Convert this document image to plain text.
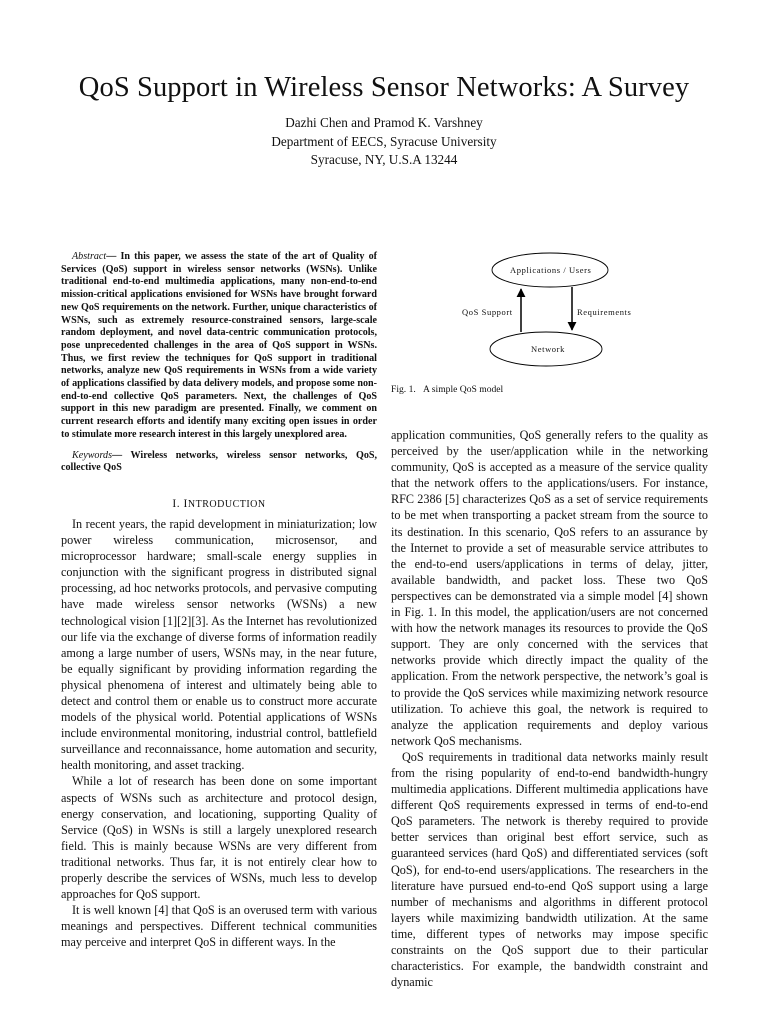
QoS Support in Wireless Sensor Networks: A Survey
Dazhi Chen and Pramod K. Varshney
Department of EECS, Syracuse University
Syracuse, NY, U.S.A 13244
Abstract— In this paper, we assess the state of the art of Quality of Services (QoS) support in wireless sensor networks (WSNs). Unlike traditional end-to-end multimedia applications, many non-end-to-end mission-critical applications envisioned for WSNs have brought forward new QoS requirements on the network. Further, unique characteristics of WSNs, such as extremely resource-constrained sensors, large-scale random deployment, and novel data-centric communication protocols, pose unprecedented challenges in the area of QoS support in WSNs. Thus, we first review the techniques for QoS support in traditional networks, analyze new QoS requirements in WSNs from a wide variety of applications classified by data delivery models, and propose some non-end-to-end collective QoS parameters. Next, the challenges of QoS support in this new paradigm are presented. Finally, we comment on current research efforts and identify many exciting open issues in order to stimulate more research interest in this largely unexplored area.
Keywords— Wireless networks, wireless sensor networks, QoS, collective QoS
I. INTRODUCTION

In recent years, the rapid development in miniaturization; low power wireless communication, microsensor, and microprocessor hardware; small-scale energy supplies in conjunction with the significant progress in distributed signal processing, ad hoc networks protocols, and pervasive computing have made wireless sensor networks (WSNs) a new technological vision [1][2][3]. As the Internet has revolutionized our life via the exchange of diverse forms of information readily among a large number of users, WSNs may, in the near future, be equally significant by providing information regarding the physical phenomena of interest and ultimately being able to detect and control them or enable us to construct more accurate models of the physical world. Potential applications of WSNs include environmental monitoring, industrial control, battlefield surveillance and reconnaissance, home automation and security, health monitoring, and asset tracking.

While a lot of research has been done on some important aspects of WSNs such as architecture and protocol design, energy conservation, and locationing, supporting Quality of Service (QoS) in WSNs is still a largely unexplored research field. This is mainly because WSNs are very different from traditional networks. Thus far, it is not entirely clear how to properly describe the services of WSNs, much less to develop approaches for QoS support.

It is well known [4] that QoS is an overused term with various meanings and perspectives. Different technical communities may perceive and interpret QoS in different ways. In the

Applications / Users
Network
QoS Support	Requirements
Fig. 1. A simple QoS model

application communities, QoS generally refers to the quality as perceived by the user/application while in the networking community, QoS is accepted as a measure of the service quality that the network offers to the applications/users. For instance, RFC 2386 [5] characterizes QoS as a set of service requirements to be met when transporting a packet stream from the source to its destination. In this scenario, QoS refers to an assurance by the Internet to provide a set of measurable service attributes to the end-to-end users/applications in terms of delay, jitter, available bandwidth, and packet loss. These two QoS perspectives can be demonstrated via a simple model [4] shown in Fig. 1. In this model, the application/users are not concerned with how the network manages its resources to provide the QoS support. They are only concerned with the services that networks provide which directly impact the quality of the application. From the network perspective, the network’s goal is to provide the QoS services while maximizing network resource utilization. To achieve this goal, the network is required to analyze the application requirements and deploy various network QoS mechanisms.

QoS requirements in traditional data networks mainly result from the rising popularity of end-to-end bandwidth-hungry multimedia applications. Different multimedia applications have different QoS requirements expressed in terms of end-to-end QoS parameters. The network is thereby required to provide better services than original best effort service, such as guaranteed services (hard QoS) and differentiated services (soft QoS), for end-to-end users/applications. The researchers in the literature have pursued end-to-end QoS support using a large number of mechanisms and algorithms in different protocol layers while maximizing bandwidth utilization. At the same time, different types of networks may impose specific constraints on the QoS support due to their particular characteristics. For example, the bandwidth constraint and dynamic
